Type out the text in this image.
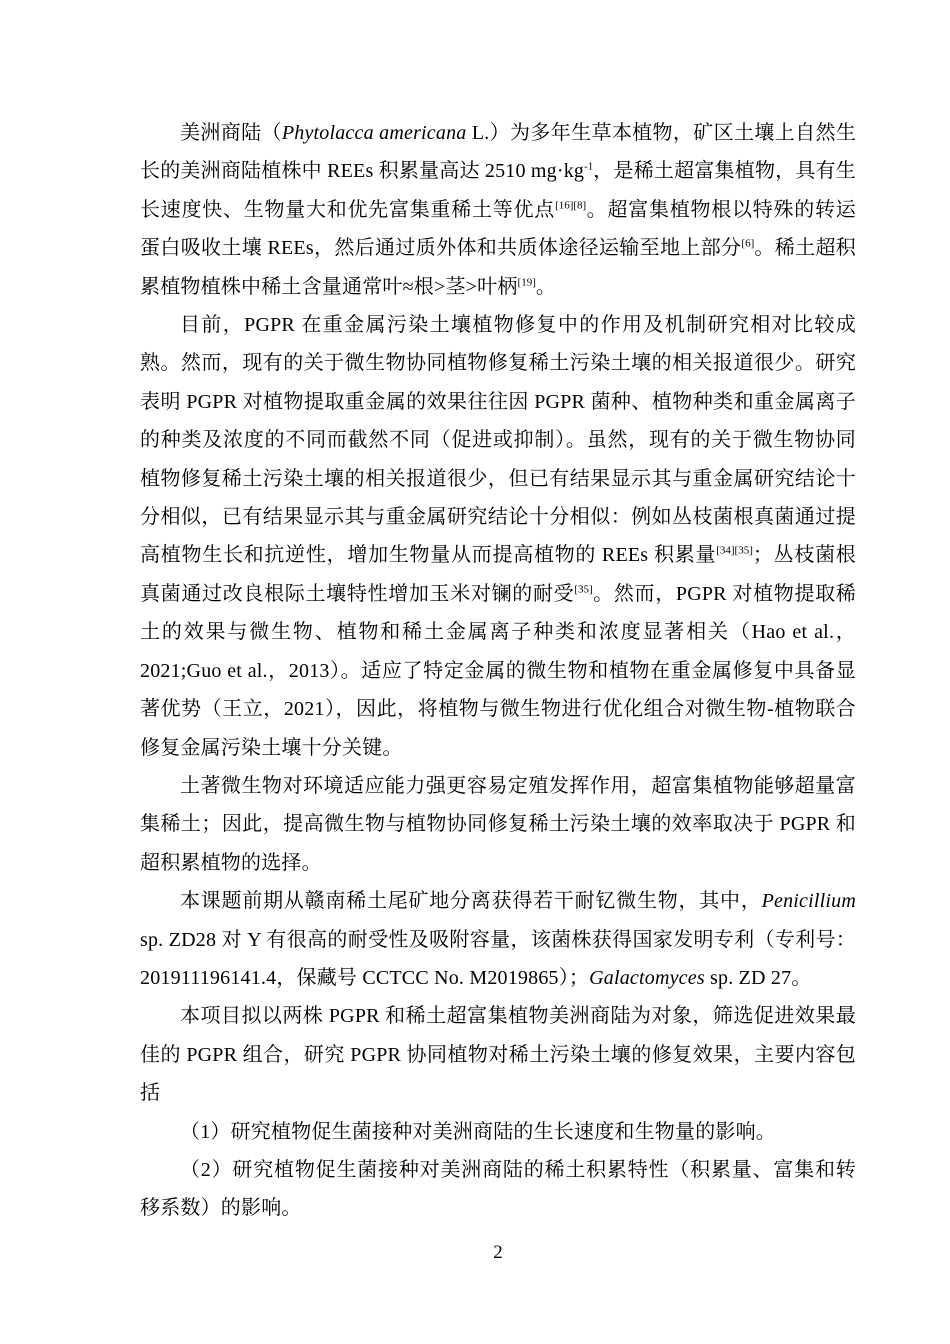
美洲商陆（Phytolacca americana L.）为多年生草本植物，矿区土壤上自然生长的美洲商陆植株中 REEs 积累量高达 2510 $mg\cdot kg^{-1}$，是稀土超富集植物，具有生长速度快、生物量大和优先富集重稀土等优点[16][8]。超富集植物根以特殊的转运蛋白吸收土壤 REEs，然后通过质外体和共质体途径运输至地上部分[6]。稀土超积累植物植株中稀土含量通常叶≈根>茎>叶柄[19]。

目前，PGPR 在重金属污染土壤植物修复中的作用及机制研究相对比较成熟。然而，现有的关于微生物协同植物修复稀土污染土壤的相关报道很少。研究表明 PGPR 对植物提取重金属的效果往往因 PGPR 菌种、植物种类和重金属离子的种类及浓度的不同而截然不同（促进或抑制）。虽然，现有的关于微生物协同植物修复稀土污染土壤的相关报道很少，但已有结果显示其与重金属研究结论十分相似，已有结果显示其与重金属研究结论十分相似：例如丛枝菌根真菌通过提高植物生长和抗逆性，增加生物量从而提高植物的 REEs 积累量[34][35]；丛枝菌根真菌通过改良根际土壤特性增加玉米对镧的耐受[35]。然而，PGPR 对植物提取稀土的效果与微生物、植物和稀土金属离子种类和浓度显著相关（Hao et al.，2021;Guo et al.，2013）。适应了特定金属的微生物和植物在重金属修复中具备显著优势（王立，2021），因此，将植物与微生物进行优化组合对微生物-植物联合修复金属污染土壤十分关键。

土著微生物对环境适应能力强更容易定殖发挥作用，超富集植物能够超量富集稀土；因此，提高微生物与植物协同修复稀土污染土壤的效率取决于 PGPR 和超积累植物的选择。

本课题前期从赣南稀土尾矿地分离获得若干耐钇微生物，其中，Penicillium sp. ZD28 对 Y 有很高的耐受性及吸附容量，该菌株获得国家发明专利（专利号：201911196141.4，保藏号 CCTCC No. M2019865）；Galactomyces sp. ZD 27。

本项目拟以两株 PGPR 和稀土超富集植物美洲商陆为对象，筛选促进效果最佳的 PGPR 组合，研究 PGPR 协同植物对稀土污染土壤的修复效果，主要内容包括

（1）研究植物促生菌接种对美洲商陆的生长速度和生物量的影响。

（2）研究植物促生菌接种对美洲商陆的稀土积累特性（积累量、富集和转移系数）的影响。

2
